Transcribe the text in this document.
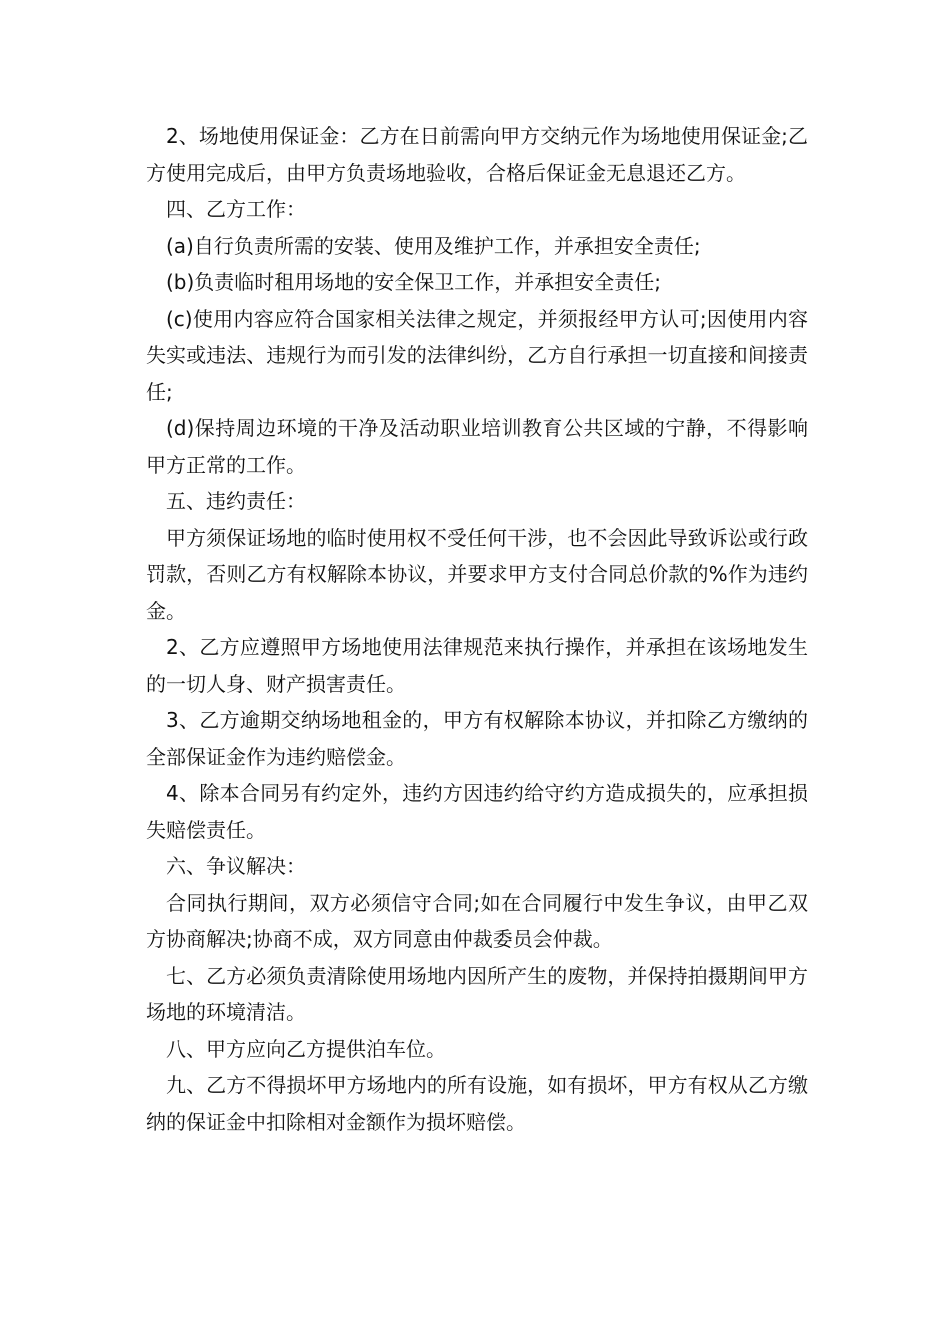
2、场地使用保证金：乙方在日前需向甲方交纳元作为场地使用保证金;乙方使用完成后，由甲方负责场地验收，合格后保证金无息退还乙方。

四、乙方工作：

(a)自行负责所需的安装、使用及维护工作，并承担安全责任;

(b)负责临时租用场地的安全保卫工作，并承担安全责任;

(c)使用内容应符合国家相关法律之规定，并须报经甲方认可;因使用内容失实或违法、违规行为而引发的法律纠纷，乙方自行承担一切直接和间接责任;

(d)保持周边环境的干净及活动职业培训教育公共区域的宁静，不得影响甲方正常的工作。

五、违约责任：

甲方须保证场地的临时使用权不受任何干涉，也不会因此导致诉讼或行政罚款，否则乙方有权解除本协议，并要求甲方支付合同总价款的%作为违约金。

2、乙方应遵照甲方场地使用法律规范来执行操作，并承担在该场地发生的一切人身、财产损害责任。

3、乙方逾期交纳场地租金的，甲方有权解除本协议，并扣除乙方缴纳的全部保证金作为违约赔偿金。

4、除本合同另有约定外，违约方因违约给守约方造成损失的，应承担损失赔偿责任。

六、争议解决：

合同执行期间，双方必须信守合同;如在合同履行中发生争议，由甲乙双方协商解决;协商不成，双方同意由仲裁委员会仲裁。

七、乙方必须负责清除使用场地内因所产生的废物，并保持拍摄期间甲方场地的环境清洁。

八、甲方应向乙方提供泊车位。

九、乙方不得损坏甲方场地内的所有设施，如有损坏，甲方有权从乙方缴纳的保证金中扣除相对金额作为损坏赔偿。
